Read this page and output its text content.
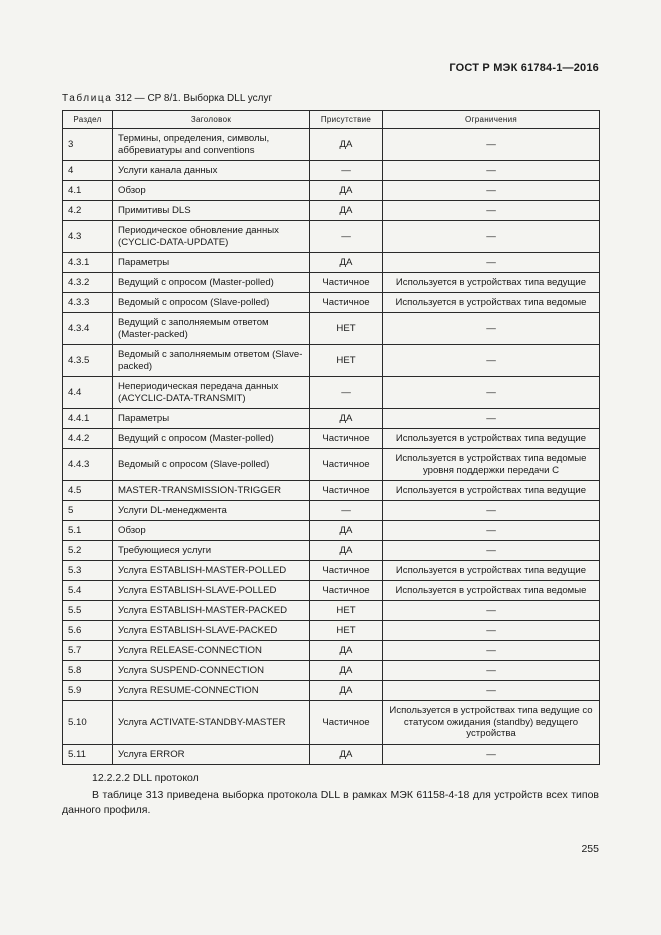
ГОСТ Р МЭК 61784-1—2016
Таблица 312 — CP 8/1. Выборка DLL услуг
Раздел	Заголовок	Присутствие	Ограничения
3	Термины, определения, символы, аббревиатуры and conventions	ДА	—
4	Услуги канала данных	—	—
4.1	Обзор	ДА	—
4.2	Примитивы DLS	ДА	—
4.3	Периодическое обновление данных (CYCLIC-DATA-UPDATE)	—	—
4.3.1	Параметры	ДА	—
4.3.2	Ведущий с опросом (Master-polled)	Частичное	Используется в устройствах типа ведущие
4.3.3	Ведомый с опросом (Slave-polled)	Частичное	Используется в устройствах типа ведомые
4.3.4	Ведущий с заполняемым ответом (Master-packed)	НЕТ	—
4.3.5	Ведомый с заполняемым ответом (Slave-packed)	НЕТ	—
4.4	Непериодическая передача данных (ACYCLIC-DATA-TRANSMIT)	—	—
4.4.1	Параметры	ДА	—
4.4.2	Ведущий с опросом (Master-polled)	Частичное	Используется в устройствах типа ведущие
4.4.3	Ведомый с опросом (Slave-polled)	Частичное	Используется в устройствах типа ведомые уровня поддержки передачи С
4.5	MASTER-TRANSMISSION-TRIGGER	Частичное	Используется в устройствах типа ведущие
5	Услуги DL-менеджмента	—	—
5.1	Обзор	ДА	—
5.2	Требующиеся услуги	ДА	—
5.3	Услуга ESTABLISH-MASTER-POLLED	Частичное	Используется в устройствах типа ведущие
5.4	Услуга ESTABLISH-SLAVE-POLLED	Частичное	Используется в устройствах типа ведомые
5.5	Услуга ESTABLISH-MASTER-PACKED	НЕТ	—
5.6	Услуга ESTABLISH-SLAVE-PACKED	НЕТ	—
5.7	Услуга RELEASE-CONNECTION	ДА	—
5.8	Услуга SUSPEND-CONNECTION	ДА	—
5.9	Услуга RESUME-CONNECTION	ДА	—
5.10	Услуга ACTIVATE-STANDBY-MASTER	Частичное	Используется в устройствах типа ведущие со статусом ожидания (standby) ведущего устройства
5.11	Услуга ERROR	ДА	—
12.2.2.2 DLL протокол
В таблице 313 приведена выборка протокола DLL в рамках МЭК 61158-4-18 для устройств всех типов данного профиля.
255
